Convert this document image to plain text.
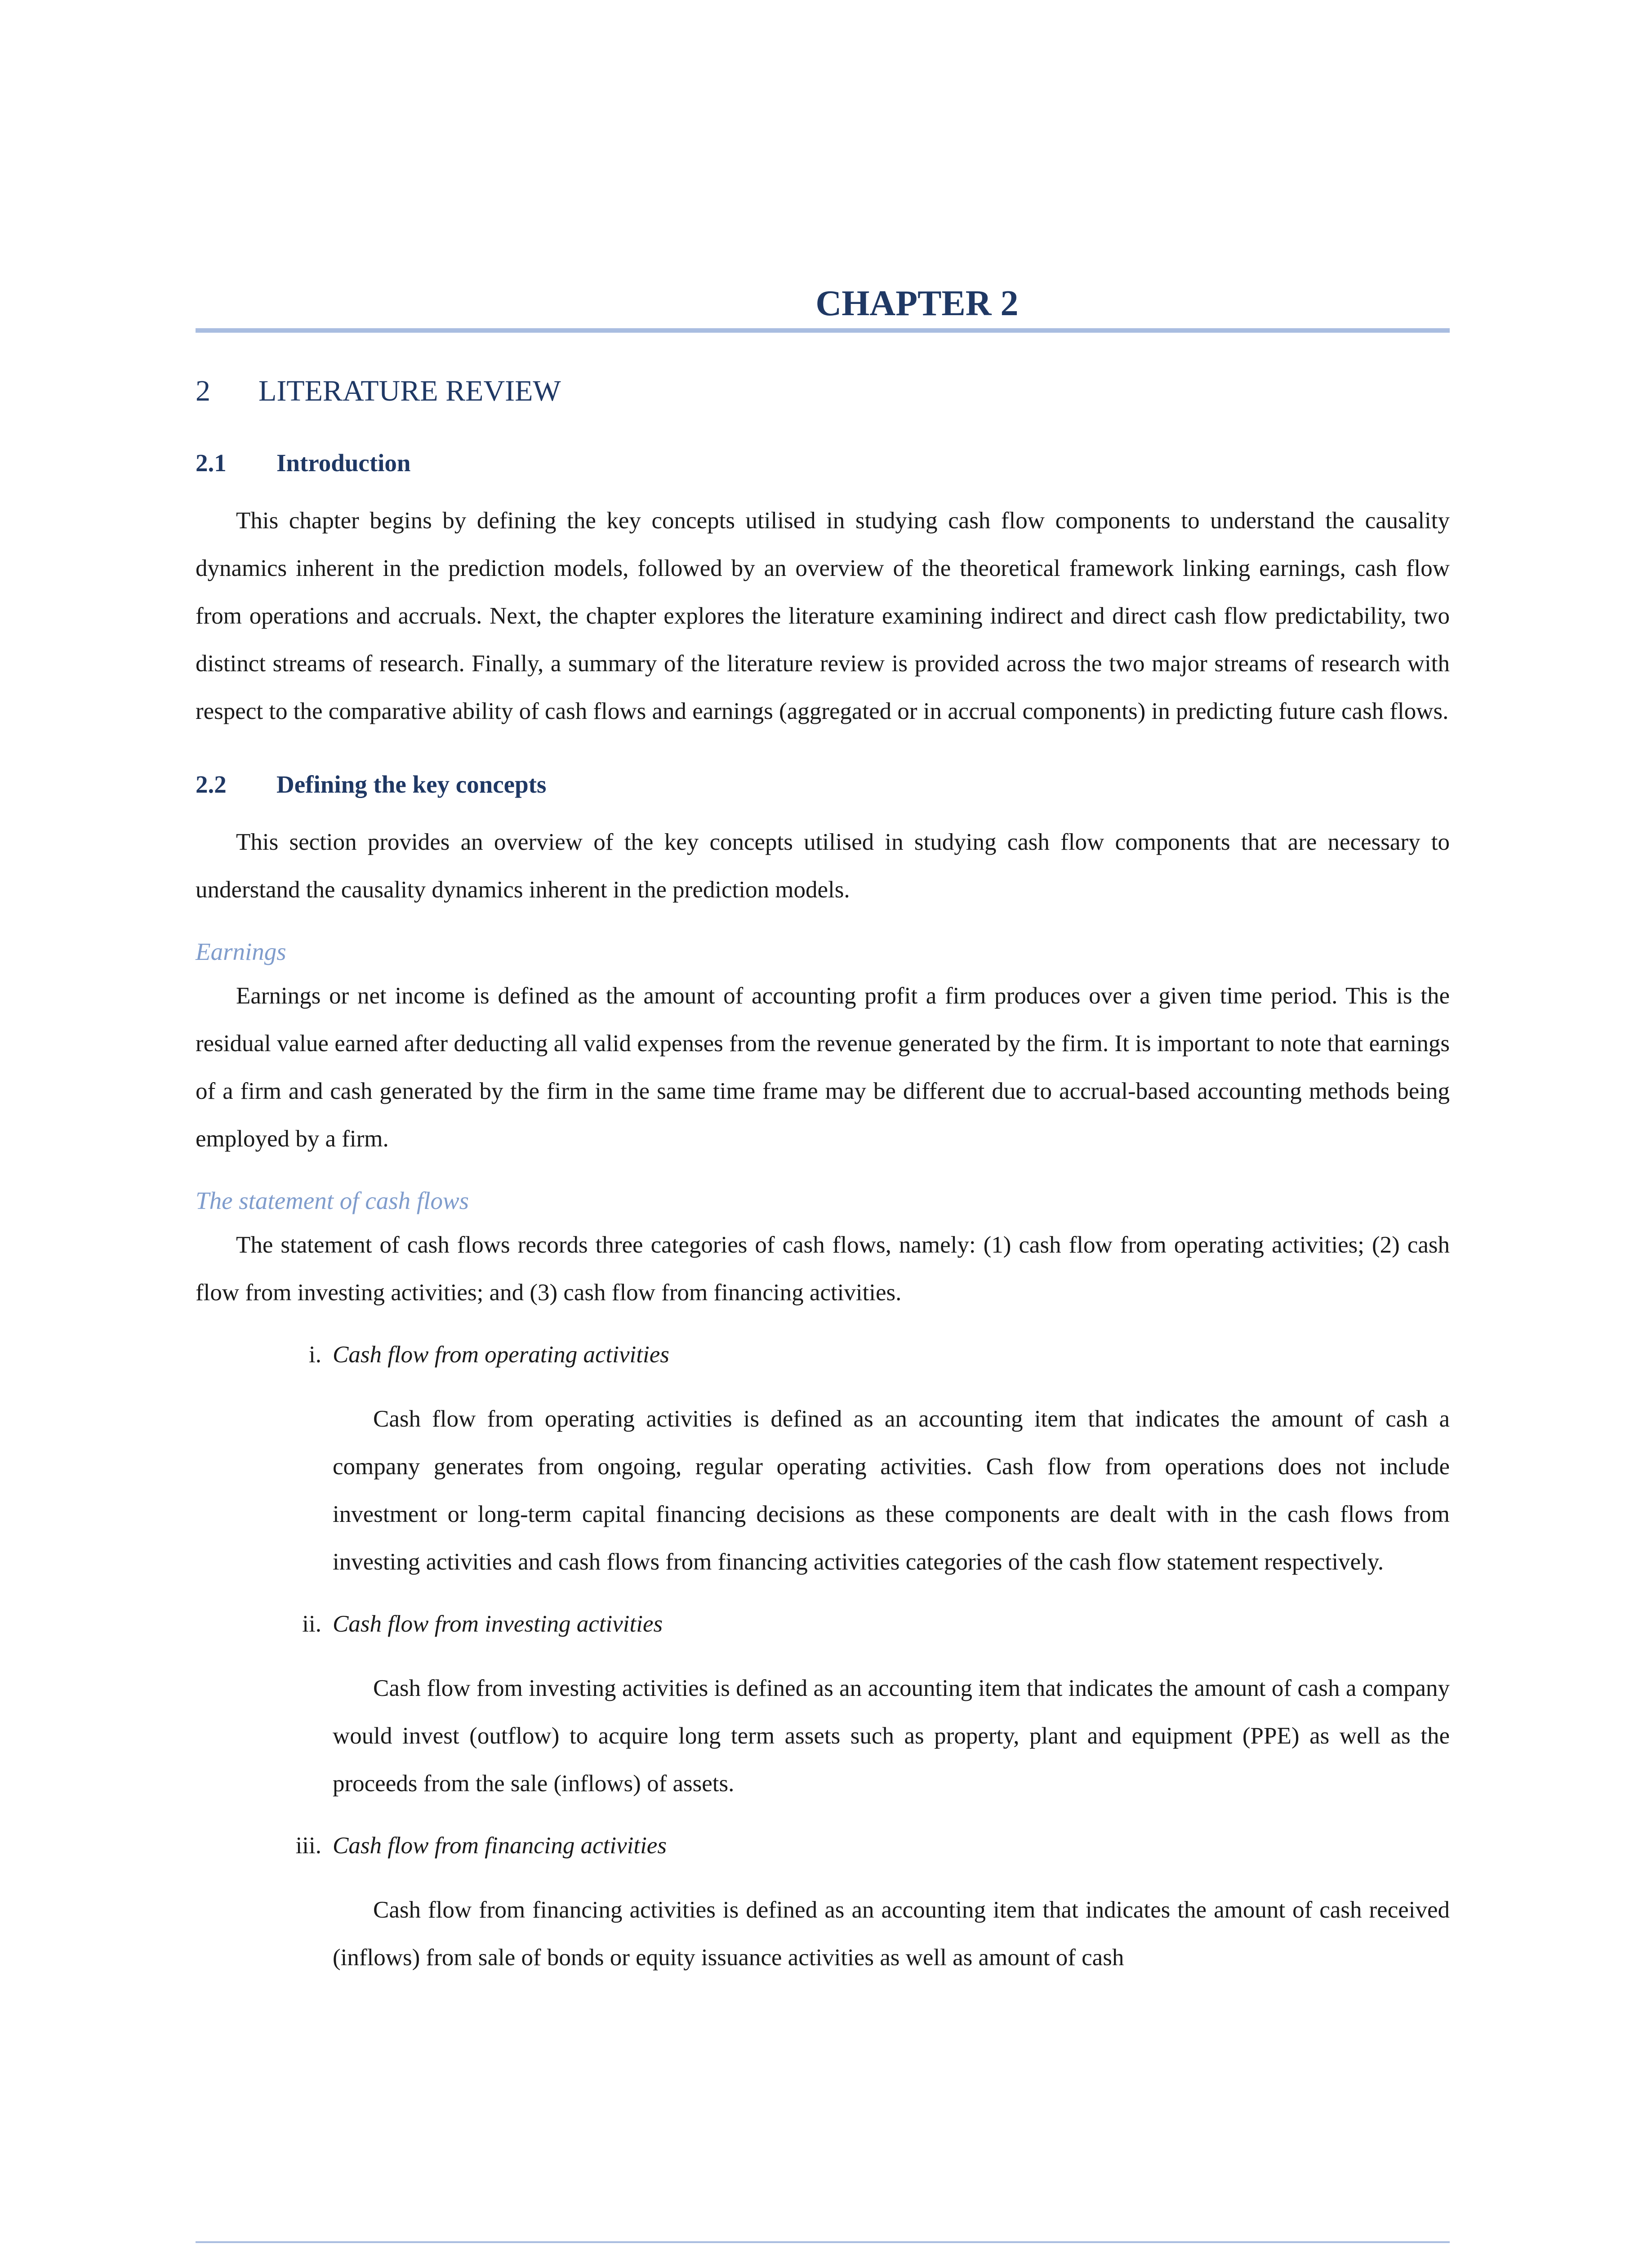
CHAPTER 2
2 LITERATURE REVIEW
2.1 Introduction

This chapter begins by defining the key concepts utilised in studying cash flow components to understand the causality dynamics inherent in the prediction models, followed by an overview of the theoretical framework linking earnings, cash flow from operations and accruals. Next, the chapter explores the literature examining indirect and direct cash flow predictability, two distinct streams of research. Finally, a summary of the literature review is provided across the two major streams of research with respect to the comparative ability of cash flows and earnings (aggregated or in accrual components) in predicting future cash flows.

2.2 Defining the key concepts

This section provides an overview of the key concepts utilised in studying cash flow components that are necessary to understand the causality dynamics inherent in the prediction models.

Earnings

Earnings or net income is defined as the amount of accounting profit a firm produces over a given time period. This is the residual value earned after deducting all valid expenses from the revenue generated by the firm. It is important to note that earnings of a firm and cash generated by the firm in the same time frame may be different due to accrual-based accounting methods being employed by a firm.

The statement of cash flows

The statement of cash flows records three categories of cash flows, namely: (1) cash flow from operating activities; (2) cash flow from investing activities; and (3) cash flow from financing activities.

i. Cash flow from operating activities

Cash flow from operating activities is defined as an accounting item that indicates the amount of cash a company generates from ongoing, regular operating activities. Cash flow from operations does not include investment or long-term capital financing decisions as these components are dealt with in the cash flows from investing activities and cash flows from financing activities categories of the cash flow statement respectively.

ii. Cash flow from investing activities

Cash flow from investing activities is defined as an accounting item that indicates the amount of cash a company would invest (outflow) to acquire long term assets such as property, plant and equipment (PPE) as well as the proceeds from the sale (inflows) of assets.

iii. Cash flow from financing activities

Cash flow from financing activities is defined as an accounting item that indicates the amount of cash received (inflows) from sale of bonds or equity issuance activities as well as amount of cash
